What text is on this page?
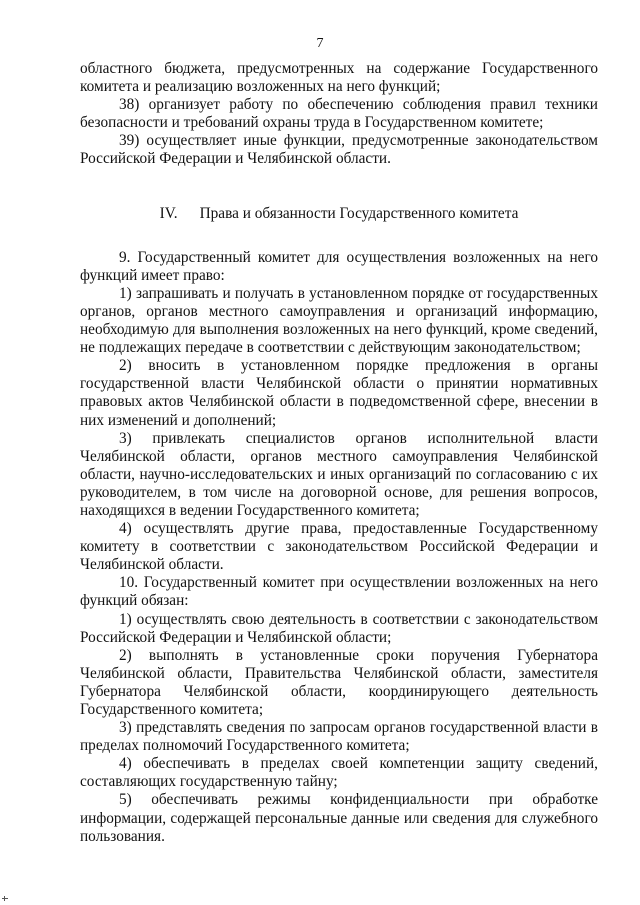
7

областного бюджета, предусмотренных на содержание Государственного комитета и реализацию возложенных на него функций;

38) организует работу по обеспечению соблюдения правил техники безопасности и требований охраны труда в Государственном комитете;

39) осуществляет иные функции, предусмотренные законодательством Российской Федерации и Челябинской области.

IV. Права и обязанности Государственного комитета

9. Государственный комитет для осуществления возложенных на него функций имеет право:

1) запрашивать и получать в установленном порядке от государственных органов, органов местного самоуправления и организаций информацию, необходимую для выполнения возложенных на него функций, кроме сведений, не подлежащих передаче в соответствии с действующим законодательством;

2) вносить в установленном порядке предложения в органы государственной власти Челябинской области о принятии нормативных правовых актов Челябинской области в подведомственной сфере, внесении в них изменений и дополнений;

3) привлекать специалистов органов исполнительной власти Челябинской области, органов местного самоуправления Челябинской области, научно-исследовательских и иных организаций по согласованию с их руководителем, в том числе на договорной основе, для решения вопросов, находящихся в ведении Государственного комитета;

4) осуществлять другие права, предоставленные Государственному комитету в соответствии с законодательством Российской Федерации и Челябинской области.

10. Государственный комитет при осуществлении возложенных на него функций обязан:

1) осуществлять свою деятельность в соответствии с законодательством Российской Федерации и Челябинской области;

2) выполнять в установленные сроки поручения Губернатора Челябинской области, Правительства Челябинской области, заместителя Губернатора Челябинской области, координирующего деятельность Государственного комитета;

3) представлять сведения по запросам органов государственной власти в пределах полномочий Государственного комитета;

4) обеспечивать в пределах своей компетенции защиту сведений, составляющих государственную тайну;

5) обеспечивать режимы конфиденциальности при обработке информации, содержащей персональные данные или сведения для служебного пользования.
